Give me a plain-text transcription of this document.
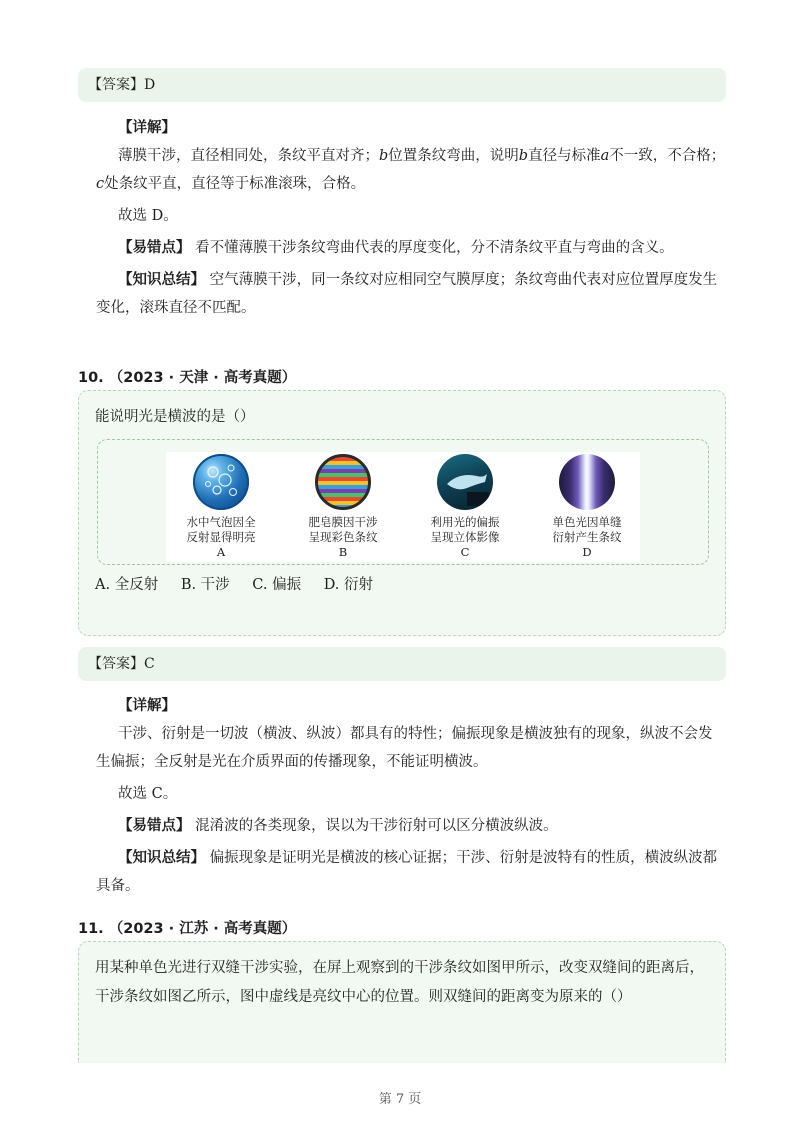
【答案】D

【详解】

薄膜干涉，直径相同处，条纹平直对齐；b位置条纹弯曲，说明b直径与标准a不一致，不合格；c处条纹平直，直径等于标准滚珠，合格。

故选 D。

【易错点】 看不懂薄膜干涉条纹弯曲代表的厚度变化，分不清条纹平直与弯曲的含义。

【知识总结】 空气薄膜干涉，同一条纹对应相同空气膜厚度；条纹弯曲代表对应位置厚度发生变化，滚珠直径不匹配。

10. （2023 · 天津 · 高考真题）
能说明光是横波的是（）
水中气泡因全
反射显得明亮
A
肥皂膜因干涉
呈现彩色条纹
B
利用光的偏振
呈现立体影像
C
单色光因单缝
衍射产生条纹
D
A. 全反射 B. 干涉 C. 偏振 D. 衍射
【答案】C

【详解】

干涉、衍射是一切波（横波、纵波）都具有的特性；偏振现象是横波独有的现象，纵波不会发生偏振；全反射是光在介质界面的传播现象，不能证明横波。

故选 C。

【易错点】 混淆波的各类现象，误以为干涉衍射可以区分横波纵波。

【知识总结】 偏振现象是证明光是横波的核心证据；干涉、衍射是波特有的性质，横波纵波都具备。

11. （2023 · 江苏 · 高考真题）
用某种单色光进行双缝干涉实验，在屏上观察到的干涉条纹如图甲所示，改变双缝间的距离后，干涉条纹如图乙所示，图中虚线是亮纹中心的位置。则双缝间的距离变为原来的（）
第 7 页
